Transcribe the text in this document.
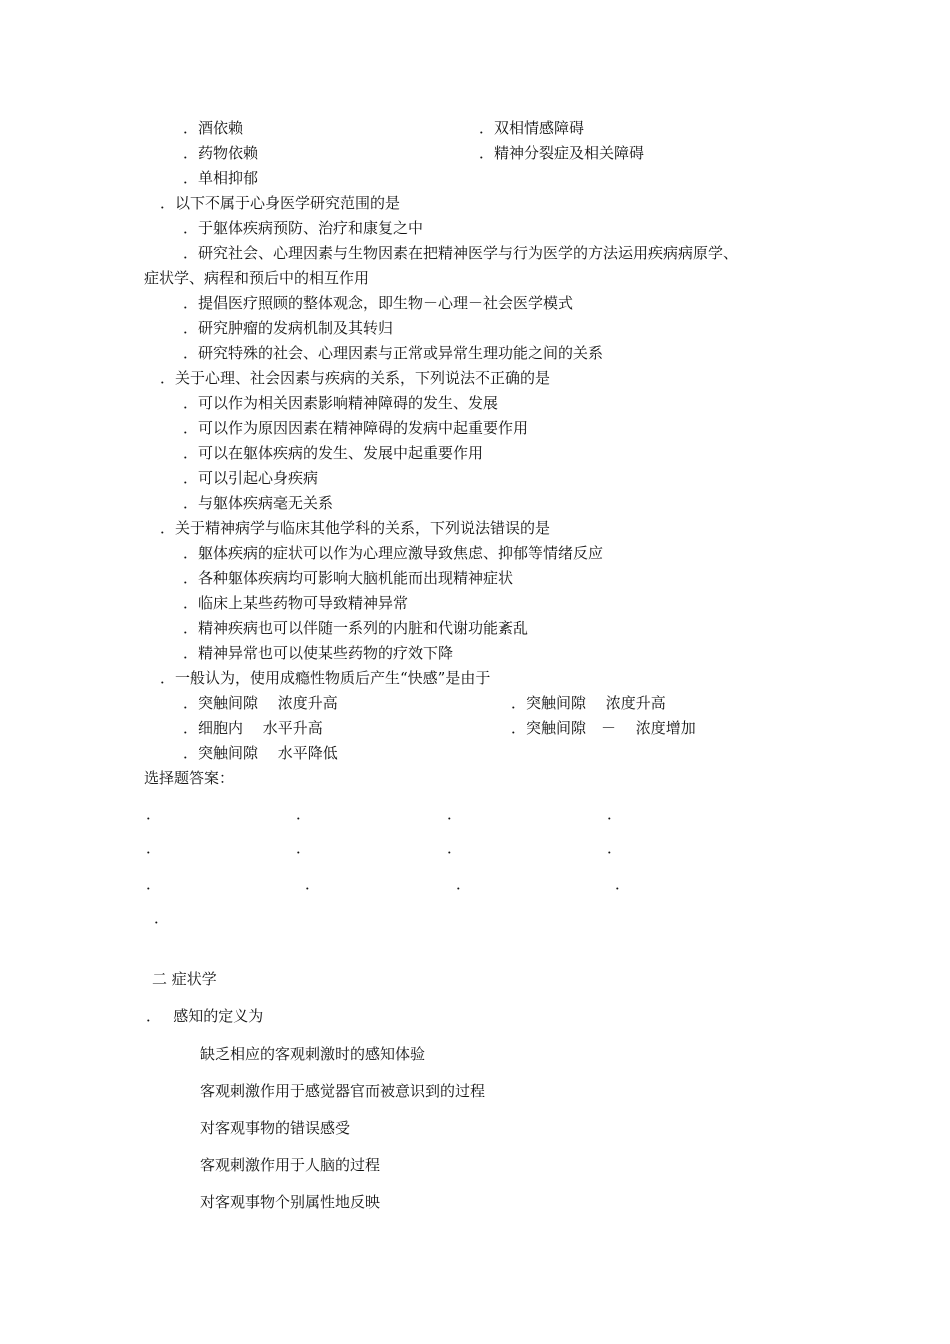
．酒依赖	．双相情感障碍
．药物依赖	．精神分裂症及相关障碍
．单相抑郁
．以下不属于心身医学研究范围的是
．于躯体疾病预防、治疗和康复之中
．研究社会、心理因素与生物因素在把精神医学与行为医学的方法运用疾病病原学、
症状学、病程和预后中的相互作用
．提倡医疗照顾的整体观念，即生物－心理－社会医学模式
．研究肿瘤的发病机制及其转归
．研究特殊的社会、心理因素与正常或异常生理功能之间的关系
．关于心理、社会因素与疾病的关系，下列说法不正确的是
．可以作为相关因素影响精神障碍的发生、发展
．可以作为原因因素在精神障碍的发病中起重要作用
．可以在躯体疾病的发生、发展中起重要作用
．可以引起心身疾病
．与躯体疾病毫无关系
．关于精神病学与临床其他学科的关系，下列说法错误的是
．躯体疾病的症状可以作为心理应激导致焦虑、抑郁等情绪反应
．各种躯体疾病均可影响大脑机能而出现精神症状
．临床上某些药物可导致精神异常
．精神疾病也可以伴随一系列的内脏和代谢功能紊乱
．精神异常也可以使某些药物的疗效下降
．一般认为，使用成瘾性物质后产生“快感”是由于
．突触间隙　 浓度升高	．突触间隙　 浓度升高
．细胞内　 水平升高	．突触间隙　－　 浓度增加
．突触间隙　 水平降低
选择题答案：
．	．	．	．
．	．	．	．
．	．	．	．
．
二 症状学
．　 感知的定义为
缺乏相应的客观刺激时的感知体验
客观刺激作用于感觉器官而被意识到的过程
对客观事物的错误感受
客观刺激作用于人脑的过程
对客观事物个别属性地反映
